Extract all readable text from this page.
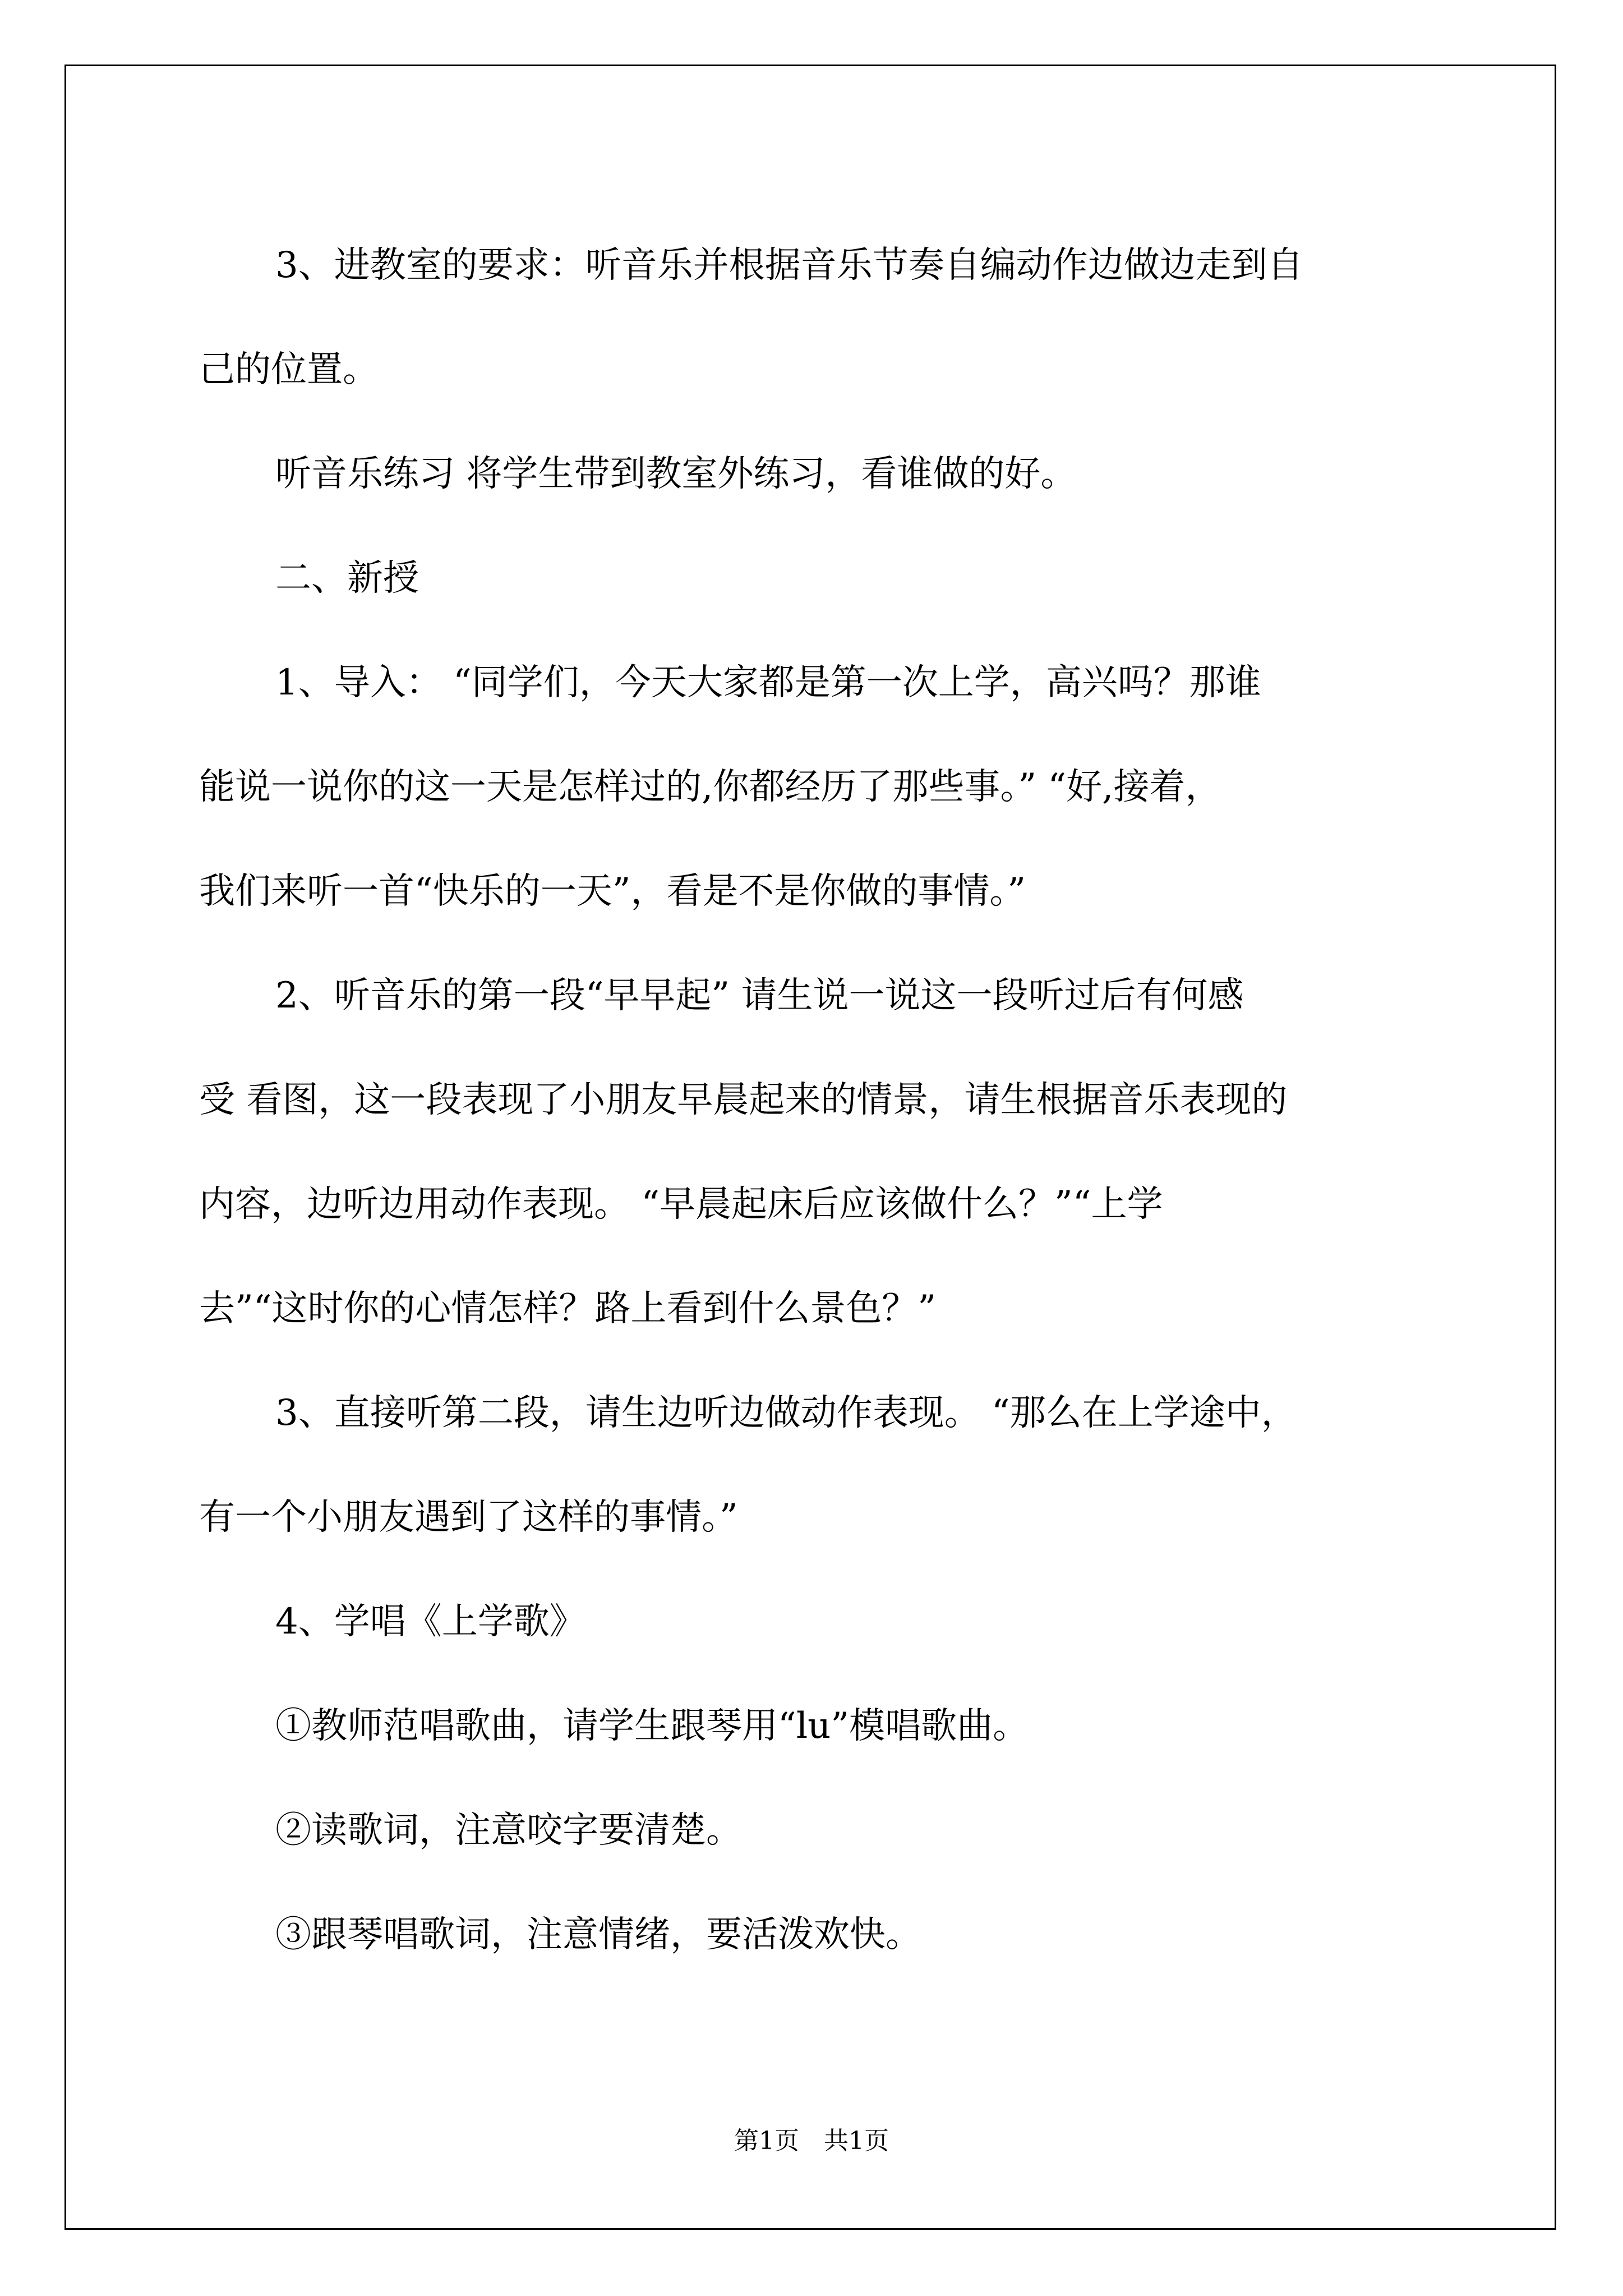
3、进教室的要求：听音乐并根据音乐节奏自编动作边做边走到自

己的位置。

听音乐练习 将学生带到教室外练习，看谁做的好。

二、新授

1、导入： “同学们，今天大家都是第一次上学，高兴吗？那谁

能说一说你的这一天是怎样过的,你都经历了那些事。” “好,接着，

我们来听一首“快乐的一天”，看是不是你做的事情。”

2、听音乐的第一段“早早起” 请生说一说这一段听过后有何感

受 看图，这一段表现了小朋友早晨起来的情景，请生根据音乐表现的

内容，边听边用动作表现。 “早晨起床后应该做什么？”“上学

去”“这时你的心情怎样？路上看到什么景色？”

3、直接听第二段，请生边听边做动作表现。 “那么在上学途中，

有一个小朋友遇到了这样的事情。”

4、学唱《上学歌》

①教师范唱歌曲，请学生跟琴用“lu”模唱歌曲。

②读歌词，注意咬字要清楚。

③跟琴唱歌词，注意情绪，要活泼欢快。

第1页　共1页
